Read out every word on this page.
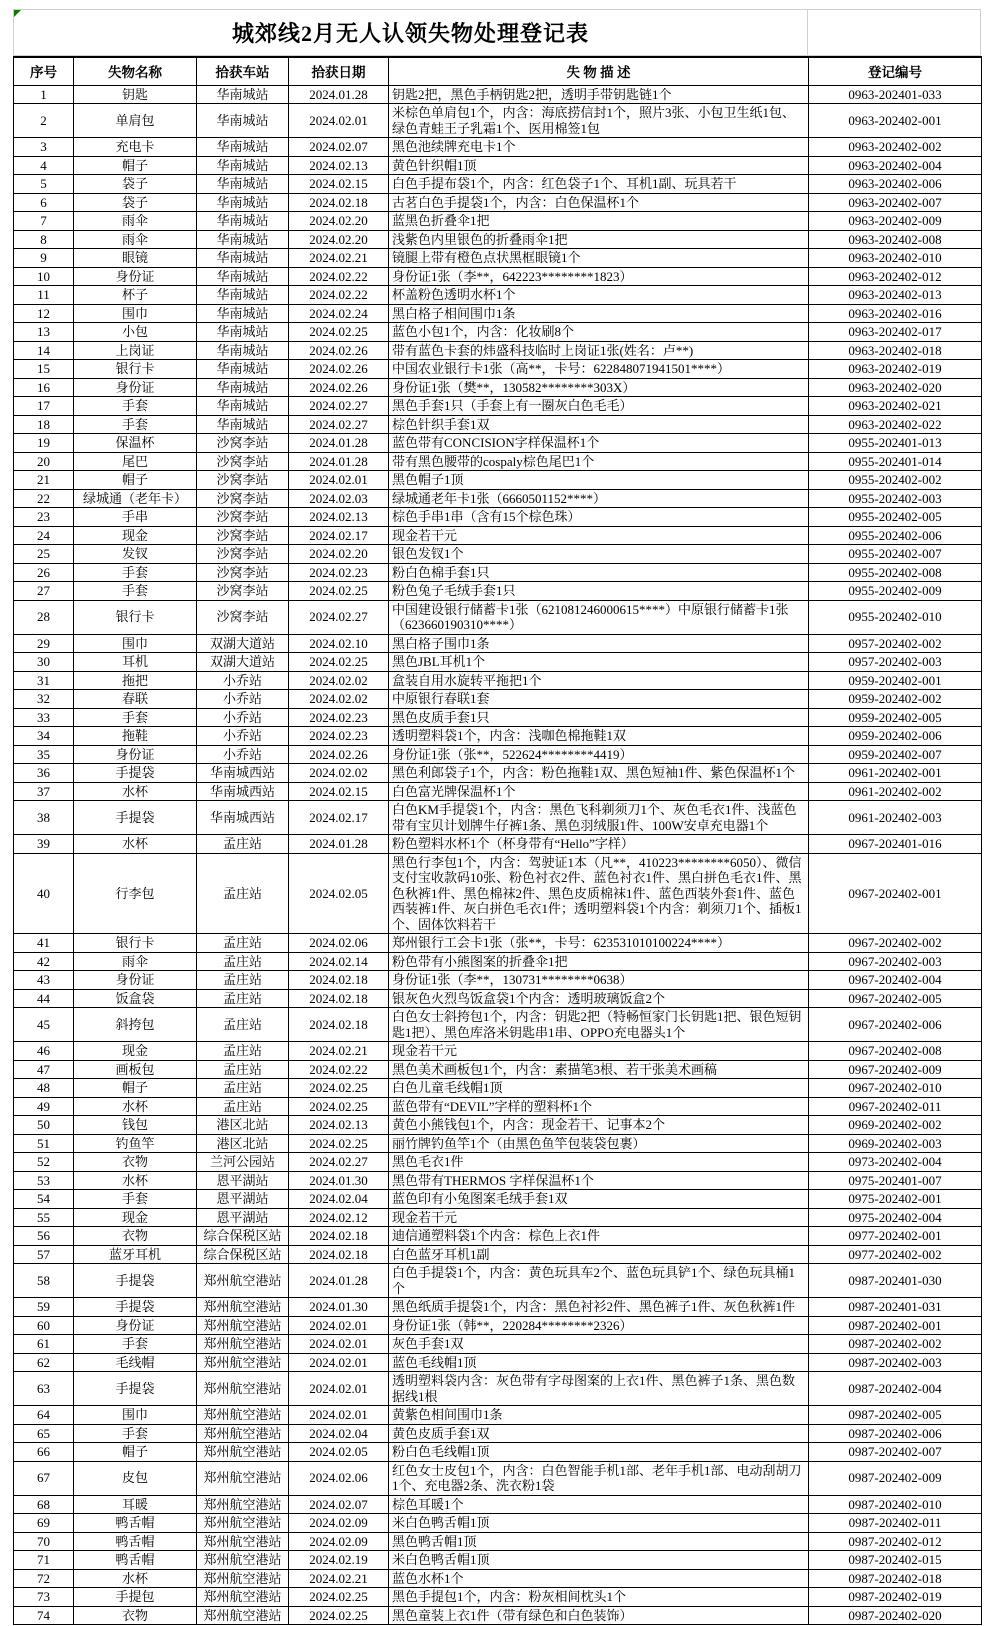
城郊线2月无人认领失物处理登记表
序号	失物名称	拾获车站	拾获日期	失 物 描 述	登记编号
1	钥匙	华南城站	2024.01.28	钥匙2把，黑色手柄钥匙2把，透明手带钥匙链1个	0963-202401-033
2	单肩包	华南城站	2024.02.01	米棕色单肩包1个，内含：海底捞信封1个，照片3张、小包卫生纸1包、绿色青蛙王子乳霜1个、医用棉签1包	0963-202402-001
3	充电卡	华南城站	2024.02.07	黑色池续牌充电卡1个	0963-202402-002
4	帽子	华南城站	2024.02.13	黄色针织帽1顶	0963-202402-004
5	袋子	华南城站	2024.02.15	白色手提布袋1个，内含：红色袋子1个、耳机1副、玩具若干	0963-202402-006
6	袋子	华南城站	2024.02.18	古茗白色手提袋1个，内含：白色保温杯1个	0963-202402-007
7	雨伞	华南城站	2024.02.20	蓝黑色折叠伞1把	0963-202402-009
8	雨伞	华南城站	2024.02.20	浅紫色内里银色的折叠雨伞1把	0963-202402-008
9	眼镜	华南城站	2024.02.21	镜腿上带有橙色点状黑框眼镜1个	0963-202402-010
10	身份证	华南城站	2024.02.22	身份证1张（李**，642223********1823）	0963-202402-012
11	杯子	华南城站	2024.02.22	杯盖粉色透明水杯1个	0963-202402-013
12	围巾	华南城站	2024.02.24	黑白格子相间围巾1条	0963-202402-016
13	小包	华南城站	2024.02.25	蓝色小包1个，内含：化妆刷8个	0963-202402-017
14	上岗证	华南城站	2024.02.26	带有蓝色卡套的炜盛科技临时上岗证1张(姓名：卢**)	0963-202402-018
15	银行卡	华南城站	2024.02.26	中国农业银行卡1张（高**，卡号：622848071941501****）	0963-202402-019
16	身份证	华南城站	2024.02.26	身份证1张（樊**，130582********303X）	0963-202402-020
17	手套	华南城站	2024.02.27	黑色手套1只（手套上有一圈灰白色毛毛）	0963-202402-021
18	手套	华南城站	2024.02.27	棕色针织手套1双	0963-202402-022
19	保温杯	沙窝李站	2024.01.28	蓝色带有CONCISION字样保温杯1个	0955-202401-013
20	尾巴	沙窝李站	2024.01.28	带有黑色腰带的cospaly棕色尾巴1个	0955-202401-014
21	帽子	沙窝李站	2024.02.01	黑色帽子1顶	0955-202402-002
22	绿城通（老年卡）	沙窝李站	2024.02.03	绿城通老年卡1张（6660501152****）	0955-202402-003
23	手串	沙窝李站	2024.02.13	棕色手串1串（含有15个棕色珠）	0955-202402-005
24	现金	沙窝李站	2024.02.17	现金若干元	0955-202402-006
25	发钗	沙窝李站	2024.02.20	银色发钗1个	0955-202402-007
26	手套	沙窝李站	2024.02.23	粉白色棉手套1只	0955-202402-008
27	手套	沙窝李站	2024.02.25	粉色兔子毛绒手套1只	0955-202402-009
28	银行卡	沙窝李站	2024.02.27	中国建设银行储蓄卡1张（621081246000615****）中原银行储蓄卡1张（623660190310****）	0955-202402-010
29	围巾	双湖大道站	2024.02.10	黑白格子围巾1条	0957-202402-002
30	耳机	双湖大道站	2024.02.25	黑色JBL耳机1个	0957-202402-003
31	拖把	小乔站	2024.02.02	盒装自用水旋转平拖把1个	0959-202402-001
32	春联	小乔站	2024.02.02	中原银行春联1套	0959-202402-002
33	手套	小乔站	2024.02.23	黑色皮质手套1只	0959-202402-005
34	拖鞋	小乔站	2024.02.23	透明塑料袋1个，内含：浅咖色棉拖鞋1双	0959-202402-006
35	身份证	小乔站	2024.02.26	身份证1张（张**，522624********4419）	0959-202402-007
36	手提袋	华南城西站	2024.02.02	黑色利郎袋子1个，内含：粉色拖鞋1双、黑色短袖1件、紫色保温杯1个	0961-202402-001
37	水杯	华南城西站	2024.02.15	白色富光牌保温杯1个	0961-202402-002
38	手提袋	华南城西站	2024.02.17	白色KM手提袋1个，内含：黑色飞科剃须刀1个、灰色毛衣1件、浅蓝色带有宝贝计划牌牛仔裤1条、黑色羽绒服1件、100W安卓充电器1个	0961-202402-003
39	水杯	孟庄站	2024.01.28	粉色塑料水杯1个（杯身带有“Hello”字样）	0967-202401-016
40	行李包	孟庄站	2024.02.05	黑色行李包1个，内含：驾驶证1本（凡**，410223********6050）、微信支付宝收款码10张、粉色衬衣2件、蓝色衬衣1件、黑白拼色毛衣1件、黑色秋裤1件、黑色棉袜2件、黑色皮质棉袜1件、蓝色西装外套1件、蓝色西装裤1件、灰白拼色毛衣1件；透明塑料袋1个内含：剃须刀1个、插板1个、固体饮料若干	0967-202402-001
41	银行卡	孟庄站	2024.02.06	郑州银行工会卡1张（张**，卡号：623531010100224****）	0967-202402-002
42	雨伞	孟庄站	2024.02.14	粉色带有小熊图案的折叠伞1把	0967-202402-003
43	身份证	孟庄站	2024.02.18	身份证1张（李**，130731********0638）	0967-202402-004
44	饭盒袋	孟庄站	2024.02.18	银灰色火烈鸟饭盒袋1个内含：透明玻璃饭盒2个	0967-202402-005
45	斜挎包	孟庄站	2024.02.18	白色女士斜挎包1个，内含：钥匙2把（特畅恒家门长钥匙1把、银色短钥匙1把）、黑色库洛米钥匙串1串、OPPO充电器头1个	0967-202402-006
46	现金	孟庄站	2024.02.21	现金若干元	0967-202402-008
47	画板包	孟庄站	2024.02.22	黑色美术画板包1个，内含：素描笔3根、若干张美术画稿	0967-202402-009
48	帽子	孟庄站	2024.02.25	白色儿童毛线帽1顶	0967-202402-010
49	水杯	孟庄站	2024.02.25	蓝色带有“DEVIL”字样的塑料杯1个	0967-202402-011
50	钱包	港区北站	2024.02.13	黄色小熊钱包1个，内含：现金若干、记事本2个	0969-202402-002
51	钓鱼竿	港区北站	2024.02.25	丽竹牌钓鱼竿1个（由黑色鱼竿包装袋包裹）	0969-202402-003
52	衣物	兰河公园站	2024.02.27	黑色毛衣1件	0973-202402-004
53	水杯	恩平湖站	2024.01.30	黑色带有THERMOS 字样保温杯1个	0975-202401-007
54	手套	恩平湖站	2024.02.04	蓝色印有小兔图案毛绒手套1双	0975-202402-001
55	现金	恩平湖站	2024.02.12	现金若干元	0975-202402-004
56	衣物	综合保税区站	2024.02.18	迪信通塑料袋1个内含：棕色上衣1件	0977-202402-001
57	蓝牙耳机	综合保税区站	2024.02.18	白色蓝牙耳机1副	0977-202402-002
58	手提袋	郑州航空港站	2024.01.28	白色手提袋1个，内含：黄色玩具车2个、蓝色玩具铲1个、绿色玩具桶1个	0987-202401-030
59	手提袋	郑州航空港站	2024.01.30	黑色纸质手提袋1个，内含：黑色衬衫2件、黑色裤子1件、灰色秋裤1件	0987-202401-031
60	身份证	郑州航空港站	2024.02.01	身份证1张（韩**，220284********2326）	0987-202402-001
61	手套	郑州航空港站	2024.02.01	灰色手套1双	0987-202402-002
62	毛线帽	郑州航空港站	2024.02.01	蓝色毛线帽1顶	0987-202402-003
63	手提袋	郑州航空港站	2024.02.01	透明塑料袋内含：灰色带有字母图案的上衣1件、黑色裤子1条、黑色数据线1根	0987-202402-004
64	围巾	郑州航空港站	2024.02.01	黄紫色相间围巾1条	0987-202402-005
65	手套	郑州航空港站	2024.02.04	黄色皮质手套1双	0987-202402-006
66	帽子	郑州航空港站	2024.02.05	粉白色毛线帽1顶	0987-202402-007
67	皮包	郑州航空港站	2024.02.06	红色女士皮包1个，内含：白色智能手机1部、老年手机1部、电动刮胡刀1个、充电器2条、洗衣粉1袋	0987-202402-009
68	耳暖	郑州航空港站	2024.02.07	棕色耳暖1个	0987-202402-010
69	鸭舌帽	郑州航空港站	2024.02.09	米白色鸭舌帽1顶	0987-202402-011
70	鸭舌帽	郑州航空港站	2024.02.09	黑色鸭舌帽1顶	0987-202402-012
71	鸭舌帽	郑州航空港站	2024.02.19	米白色鸭舌帽1顶	0987-202402-015
72	水杯	郑州航空港站	2024.02.21	蓝色水杯1个	0987-202402-018
73	手提包	郑州航空港站	2024.02.25	黑色手提包1个，内含：粉灰相间枕头1个	0987-202402-019
74	衣物	郑州航空港站	2024.02.25	黑色童装上衣1件（带有绿色和白色装饰）	0987-202402-020
